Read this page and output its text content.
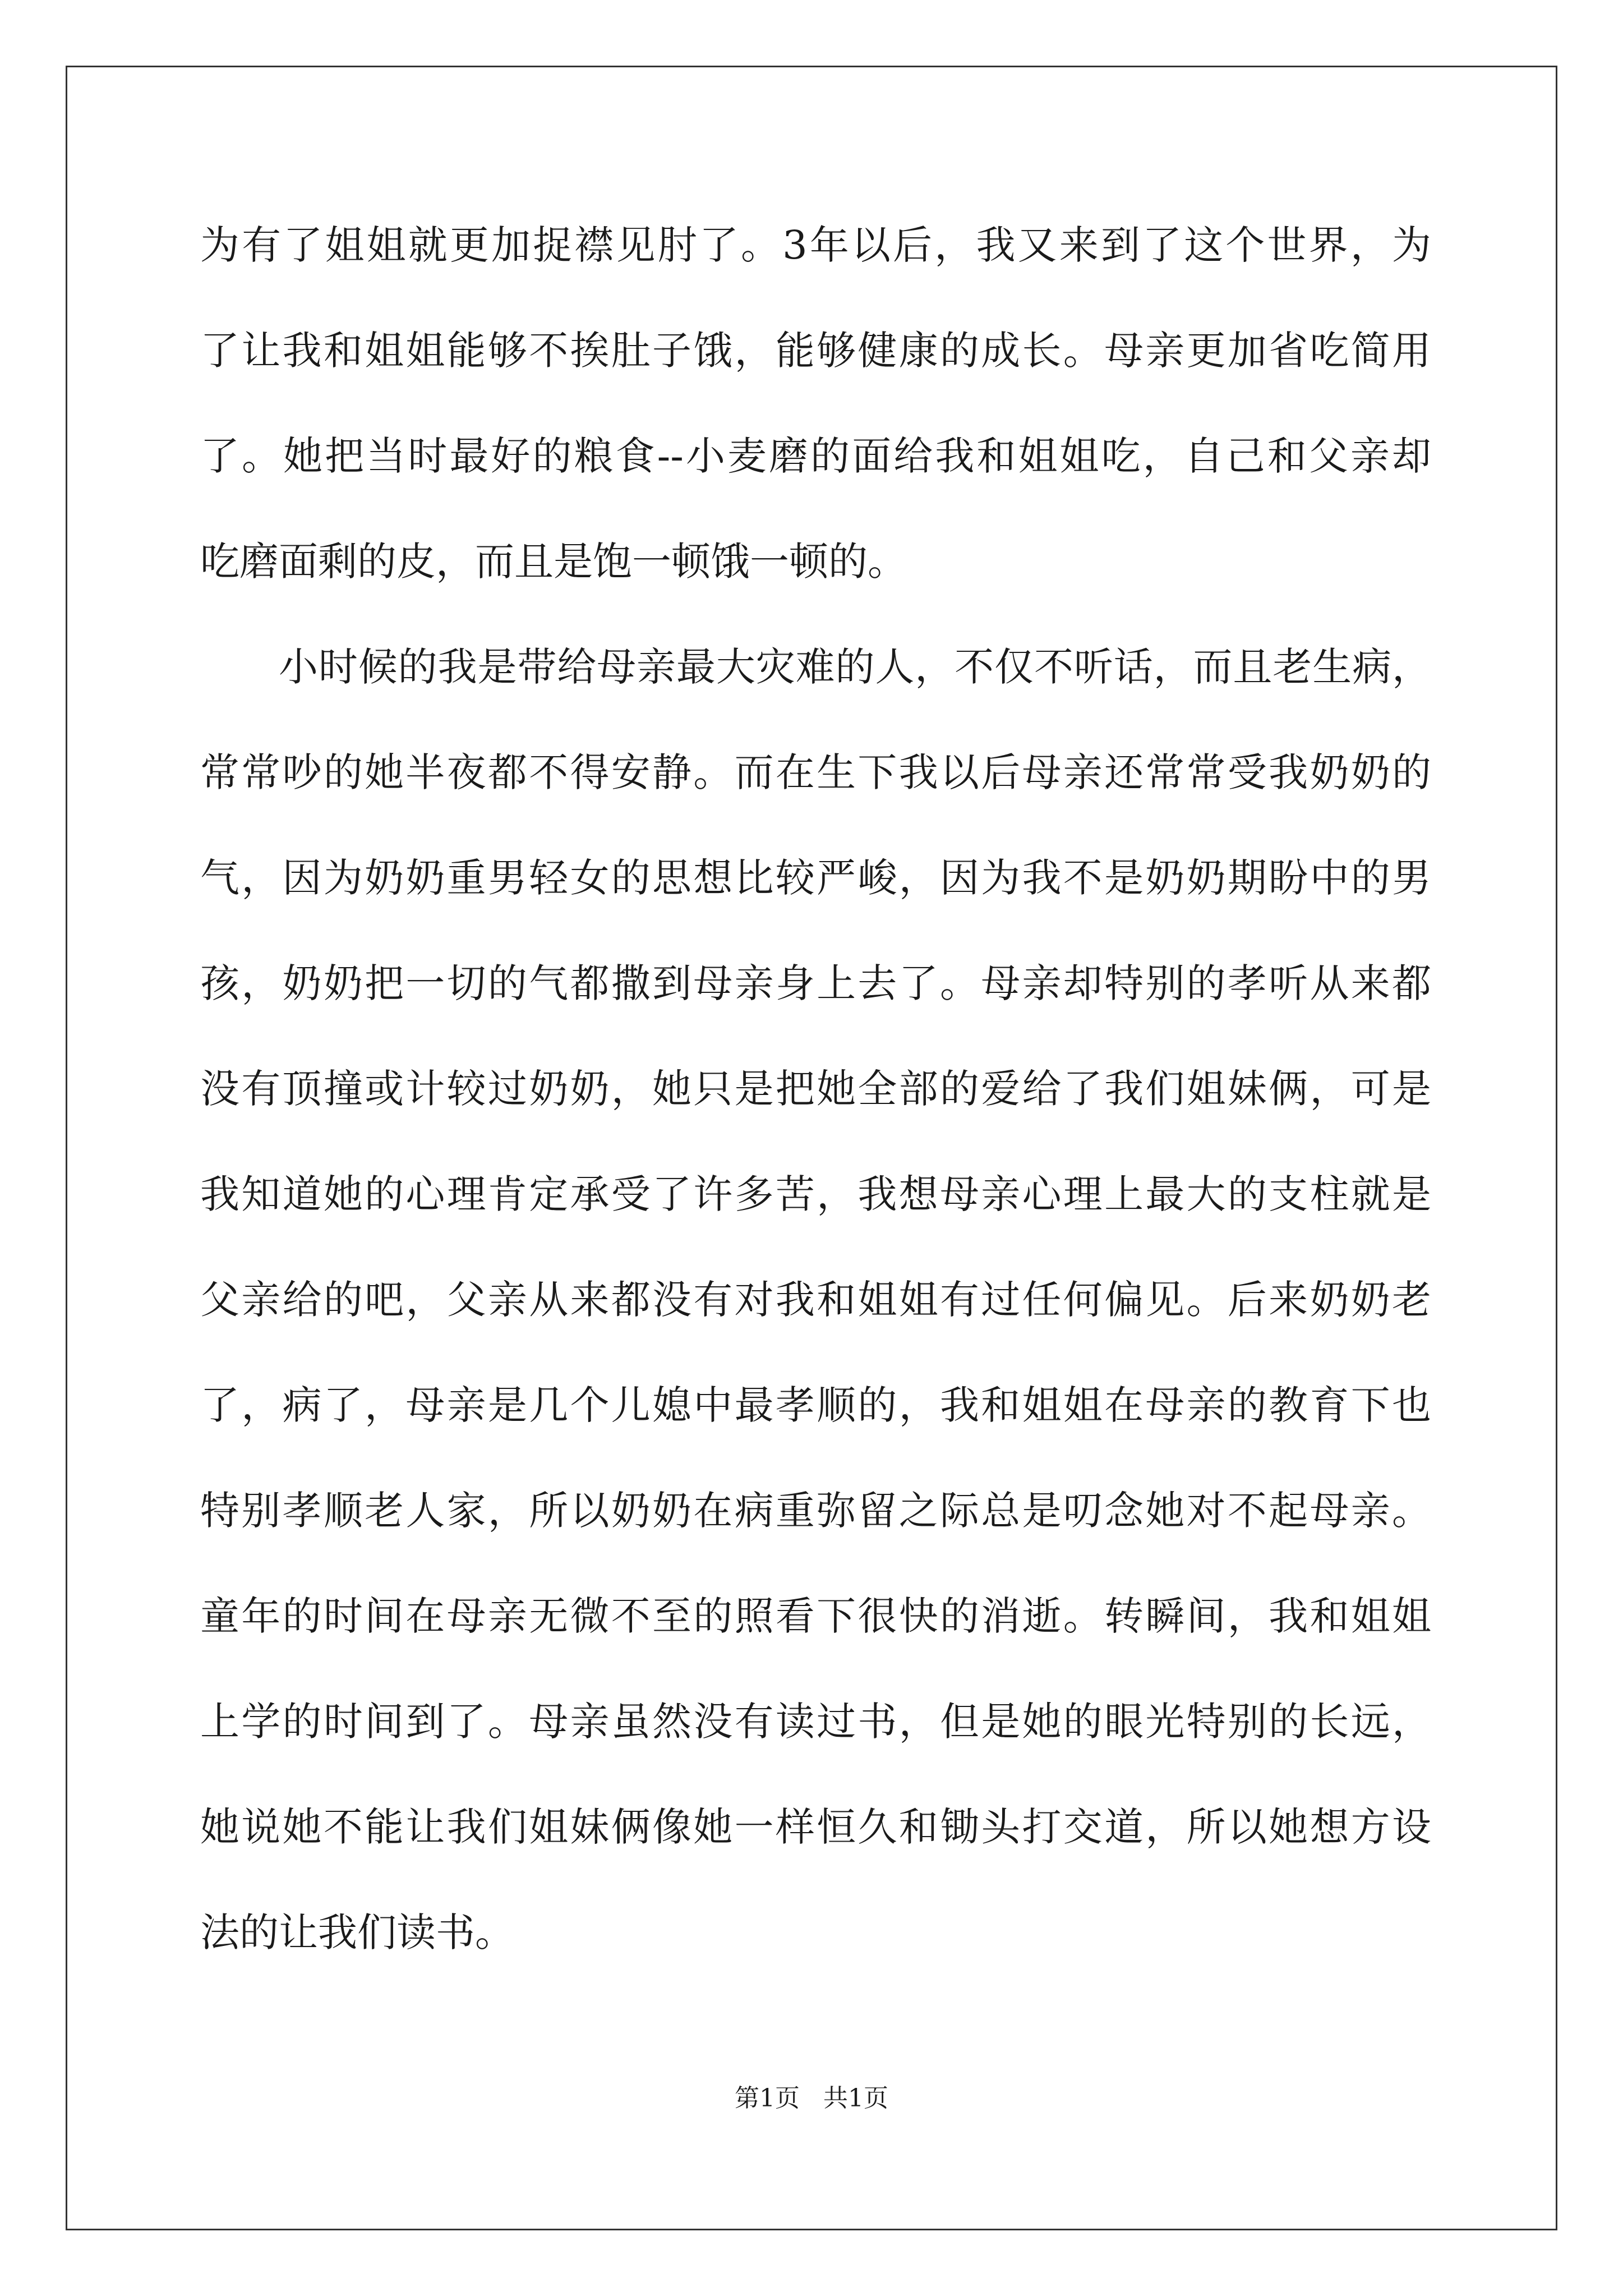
为有了姐姐就更加捉襟见肘了。3年以后，我又来到了这个世界，为
了让我和姐姐能够不挨肚子饿，能够健康的成长。母亲更加省吃简用
了。她把当时最好的粮食--小麦磨的面给我和姐姐吃，自己和父亲却
吃磨面剩的皮，而且是饱一顿饿一顿的。
小时候的我是带给母亲最大灾难的人，不仅不听话，而且老生病，
常常吵的她半夜都不得安静。而在生下我以后母亲还常常受我奶奶的
气，因为奶奶重男轻女的思想比较严峻，因为我不是奶奶期盼中的男
孩，奶奶把一切的气都撒到母亲身上去了。母亲却特别的孝听从来都
没有顶撞或计较过奶奶，她只是把她全部的爱给了我们姐妹俩，可是
我知道她的心理肯定承受了许多苦，我想母亲心理上最大的支柱就是
父亲给的吧，父亲从来都没有对我和姐姐有过任何偏见。后来奶奶老
了，病了，母亲是几个儿媳中最孝顺的，我和姐姐在母亲的教育下也
特别孝顺老人家，所以奶奶在病重弥留之际总是叨念她对不起母亲。
童年的时间在母亲无微不至的照看下很快的消逝。转瞬间，我和姐姐
上学的时间到了。母亲虽然没有读过书，但是她的眼光特别的长远，
她说她不能让我们姐妹俩像她一样恒久和锄头打交道，所以她想方设
法的让我们读书。
第1页   共1页
